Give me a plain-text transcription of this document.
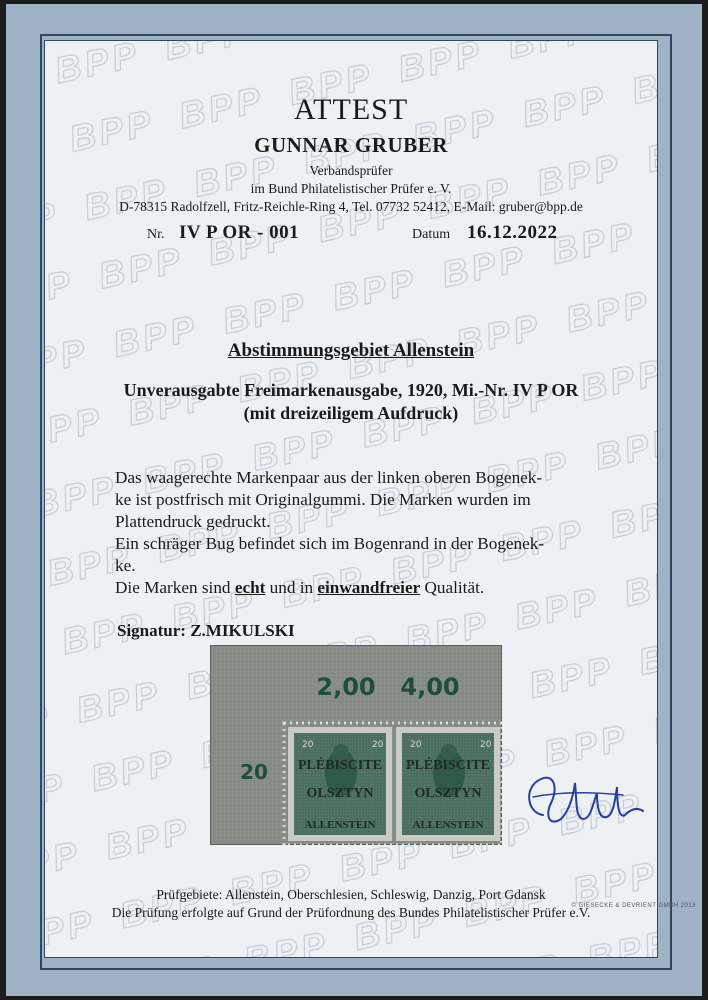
ATTEST
GUNNAR GRUBER
Verbandsprüfer
im Bund Philatelistischer Prüfer e. V.
D-78315 Radolfzell, Fritz-Reichle-Ring 4, Tel. 07732 52412, E-Mail: gruber@bpp.de
Nr. IV P OR - 001	Datum 16.12.2022
Abstimmungsgebiet Allenstein
Unverausgabte Freimarkenausgabe, 1920, Mi.-Nr. IV P OR
(mit dreizeiligem Aufdruck)
Das waagerechte Markenpaar aus der linken oberen Bogenek-
ke ist postfrisch mit Originalgummi. Die Marken wurden im
Plattendruck gedruckt.
Ein schräger Bug befindet sich im Bogenrand in der Bogenek-
ke.
Die Marken sind echt und in einwandfreier Qualität.
Signatur: Z.MIKULSKI
2,00 4,00
20
20	20
PLÉBISCITE
OLSZTYN
ALLENSTEIN
20	20
PLÉBISCITE
OLSZTYN
ALLENSTEIN
Prüfgebiete: Allenstein, Oberschlesien, Schleswig, Danzig, Port Gdansk
Die Prüfung erfolgte auf Grund der Prüfordnung des Bundes Philatelistischer Prüfer e.V.
© GIESECKE & DEVRIENT GMBH 2013
